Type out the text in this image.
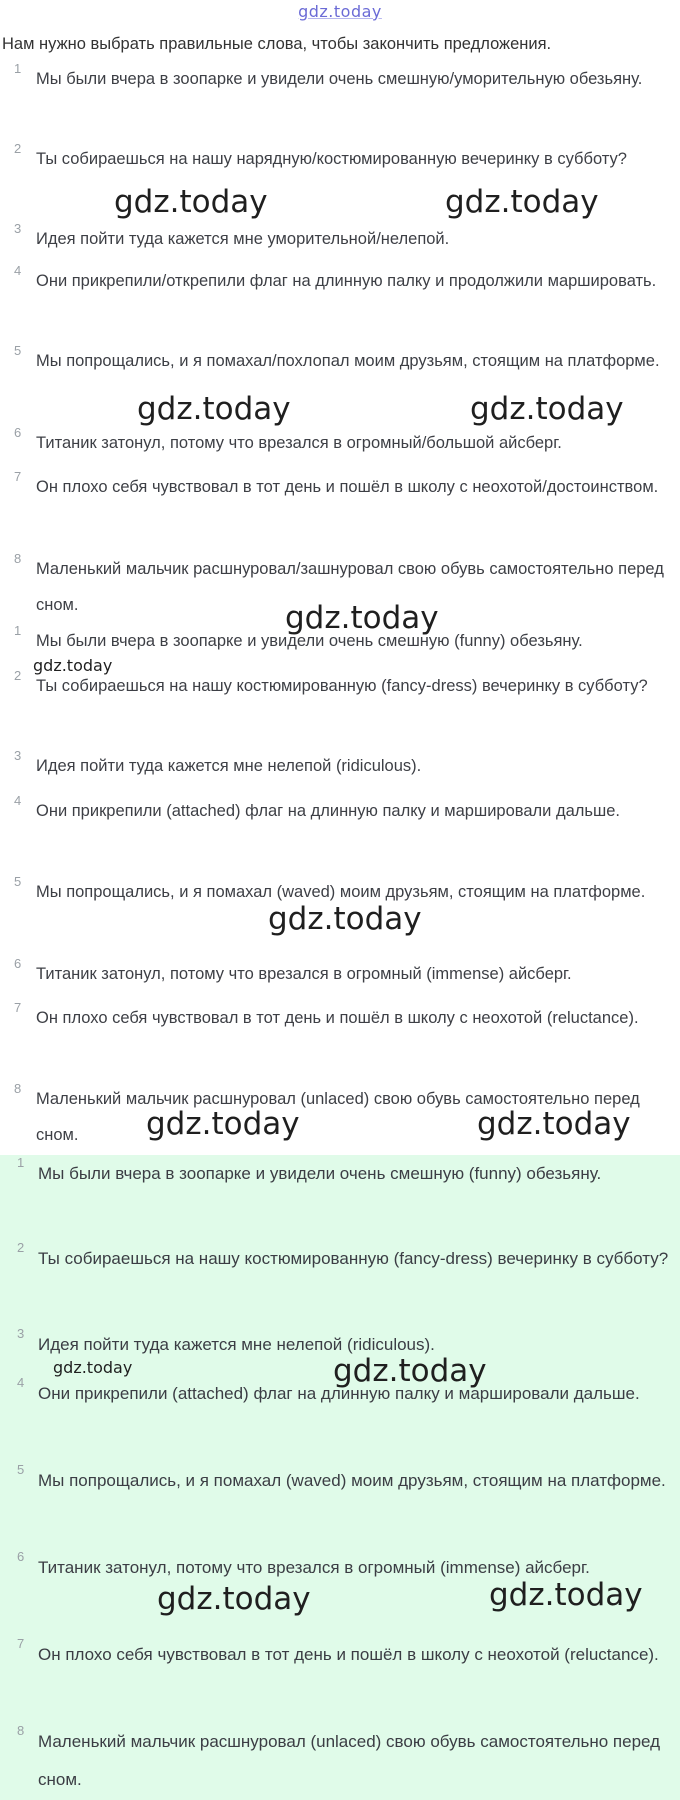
gdz.today
Нам нужно выбрать правильные слова, чтобы закончить предложения.
1
Мы были вчера в зоопарке и увидели очень смешную/уморительную обезьяну.
2
Ты собираешься на нашу нарядную/костюмированную вечеринку в субботу?
3
Идея пойти туда кажется мне уморительной/нелепой.
4
Они прикрепили/открепили флаг на длинную палку и продолжили маршировать.
5
Мы попрощались, и я помахал/похлопал моим друзьям, стоящим на платформе.
6
Титаник затонул, потому что врезался в огромный/большой айсберг.
7
Он плохо себя чувствовал в тот день и пошёл в школу с неохотой/достоинством.
8
Маленький мальчик расшнуровал/зашнуровал свою обувь самостоятельно перед сном.
1
Мы были вчера в зоопарке и увидели очень смешную (funny) обезьяну.
2
Ты собираешься на нашу костюмированную (fancy-dress) вечеринку в субботу?
3
Идея пойти туда кажется мне нелепой (ridiculous).
4
Они прикрепили (attached) флаг на длинную палку и маршировали дальше.
5
Мы попрощались, и я помахал (waved) моим друзьям, стоящим на платформе.
6
Титаник затонул, потому что врезался в огромный (immense) айсберг.
7
Он плохо себя чувствовал в тот день и пошёл в школу с неохотой (reluctance).
8
Маленький мальчик расшнуровал (unlaced) свою обувь самостоятельно перед сном.
1
Мы были вчера в зоопарке и увидели очень смешную (funny) обезьяну.
2
Ты собираешься на нашу костюмированную (fancy-dress) вечеринку в субботу?
3
Идея пойти туда кажется мне нелепой (ridiculous).
4
Они прикрепили (attached) флаг на длинную палку и маршировали дальше.
5
Мы попрощались, и я помахал (waved) моим друзьям, стоящим на платформе.
6
Титаник затонул, потому что врезался в огромный (immense) айсберг.
7
Он плохо себя чувствовал в тот день и пошёл в школу с неохотой (reluctance).
8
Маленький мальчик расшнуровал (unlaced) свою обувь самостоятельно перед сном.
gdz.today	gdz.today
gdz.today	gdz.today
gdz.today
gdz.today
gdz.today
gdz.today	gdz.today
gdz.today	gdz.today
gdz.today	gdz.today
